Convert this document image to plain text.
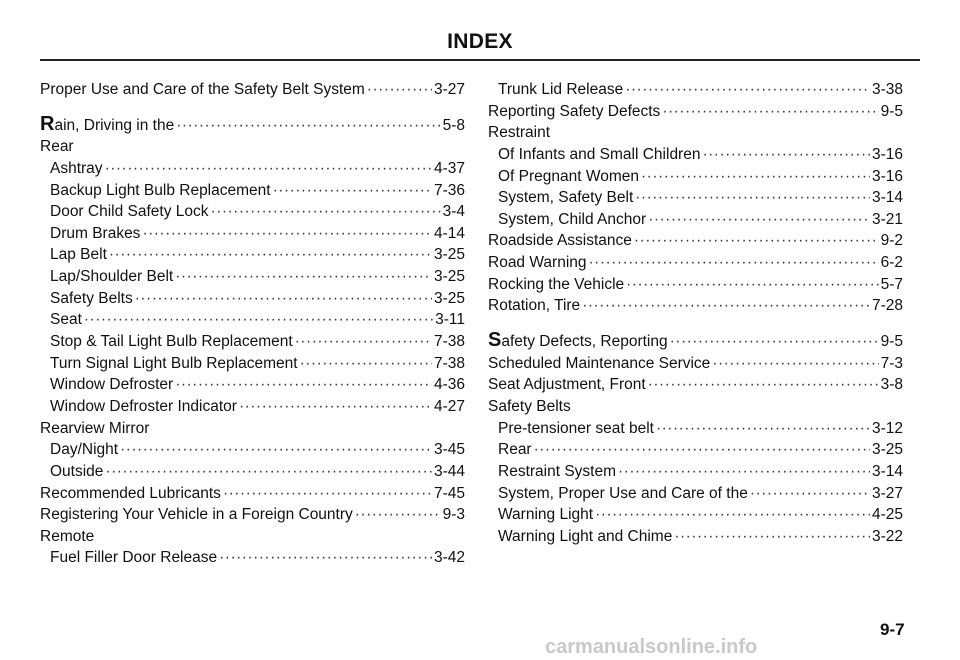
INDEX
Proper Use and Care of the Safety Belt System ·····	3-27
Rain, Driving in the ·····	5-8
Rear
Ashtray ·····	4-37
Backup Light Bulb Replacement ·····	7-36
Door Child Safety Lock ·····	3-4
Drum Brakes ·····	4-14
Lap Belt ·····	3-25
Lap/Shoulder Belt ·····	3-25
Safety Belts ·····	3-25
Seat ·····	3-11
Stop & Tail Light Bulb Replacement ·····	7-38
Turn Signal Light Bulb Replacement ·····	7-38
Window Defroster ·····	4-36
Window Defroster Indicator ·····	4-27
Rearview Mirror
Day/Night ·····	3-45
Outside ·····	3-44
Recommended Lubricants ·····	7-45
Registering Your Vehicle in a Foreign Country ·····	9-3
Remote
Fuel Filler Door Release ·····	3-42
Trunk Lid Release ·····	3-38
Reporting Safety Defects ·····	9-5
Restraint
Of Infants and Small Children ·····	3-16
Of Pregnant Women ·····	3-16
System, Safety Belt ·····	3-14
System, Child Anchor ·····	3-21
Roadside Assistance ·····	9-2
Road Warning ·····	6-2
Rocking the Vehicle ·····	5-7
Rotation, Tire ·····	7-28
Safety Defects, Reporting ·····	9-5
Scheduled Maintenance Service ·····	7-3
Seat Adjustment, Front ·····	3-8
Safety Belts
Pre-tensioner seat belt ·····	3-12
Rear ·····	3-25
Restraint System ·····	3-14
System, Proper Use and Care of the ·····	3-27
Warning Light ·····	4-25
Warning Light and Chime ·····	3-22
9-7
carmanualsonline.info
